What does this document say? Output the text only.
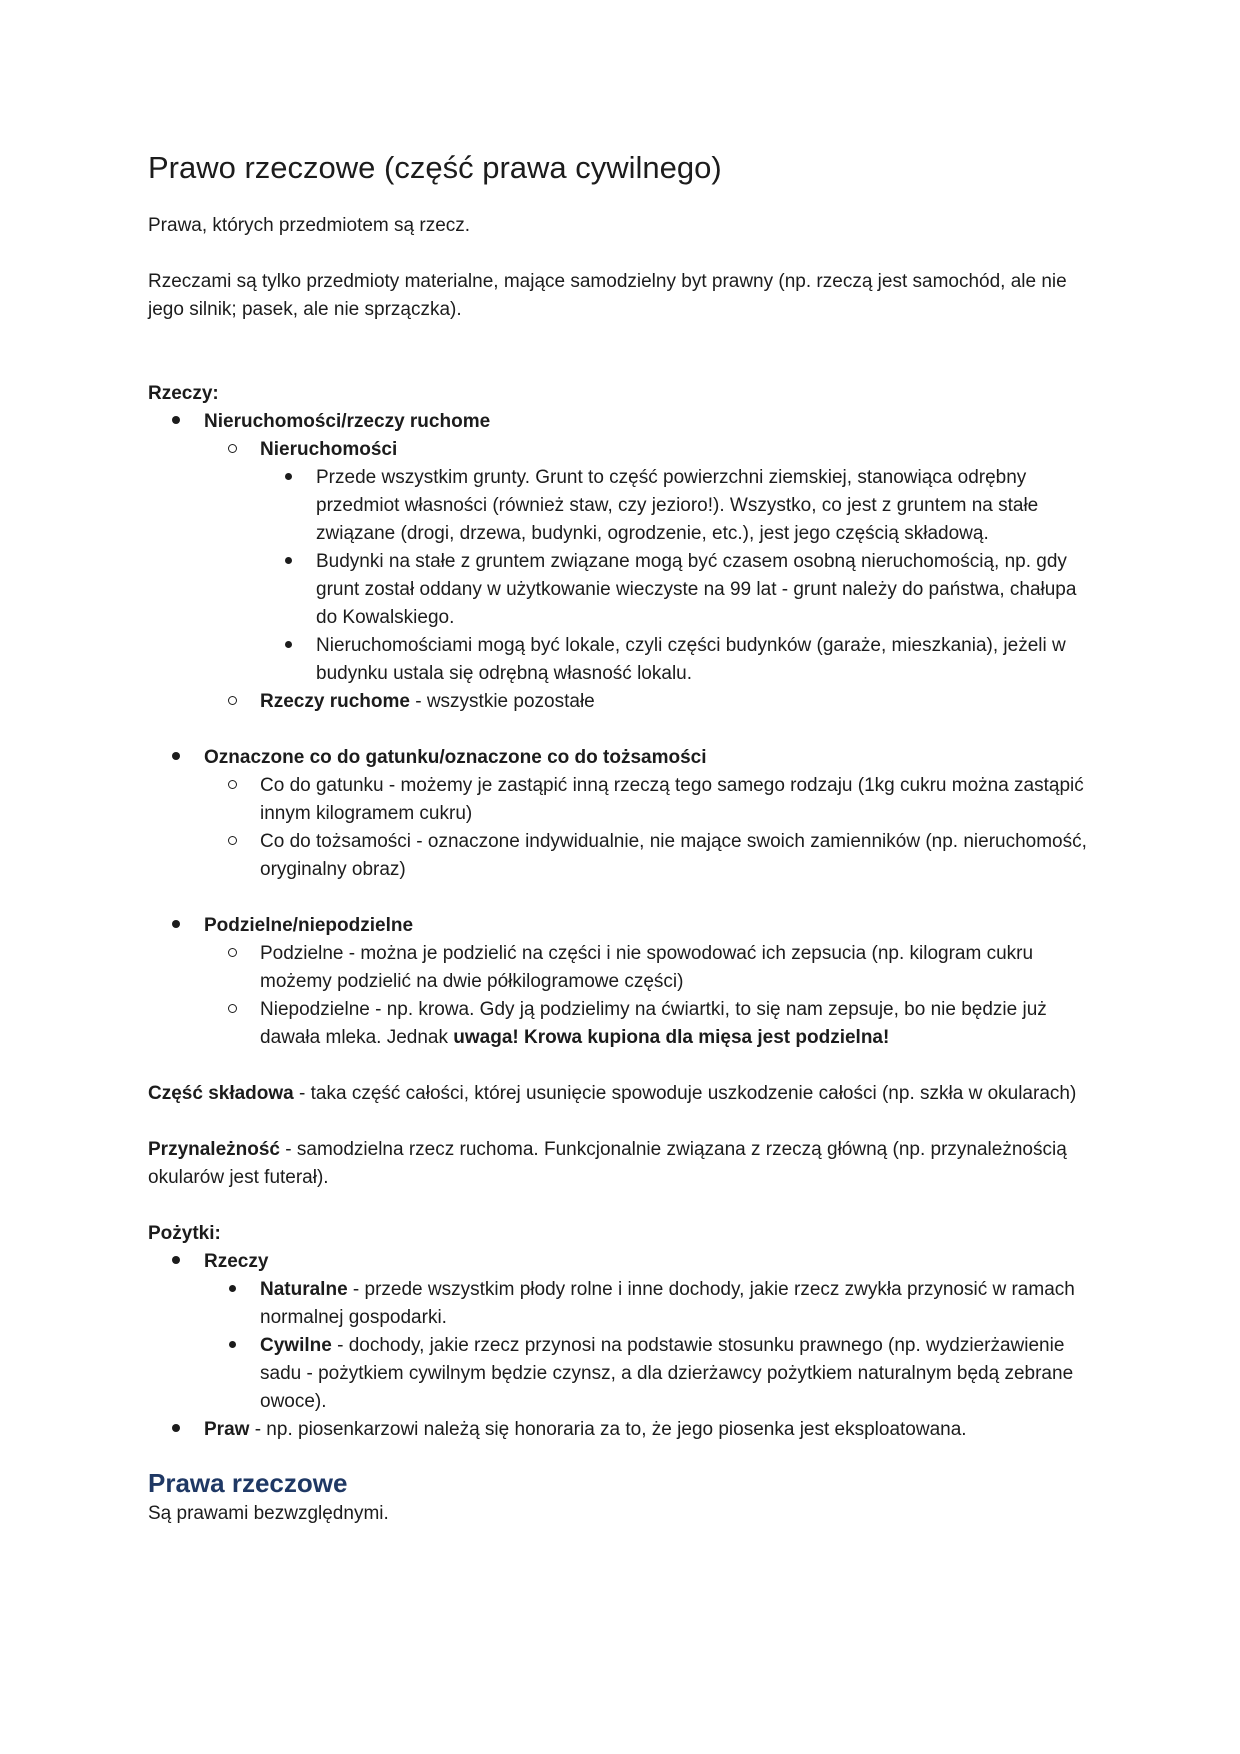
Prawo rzeczowe (część prawa cywilnego)

Prawa, których przedmiotem są rzecz.

Rzeczami są tylko przedmioty materialne, mające samodzielny byt prawny (np. rzeczą jest samochód, ale nie jego silnik; pasek, ale nie sprzączka).

Rzeczy:

Nieruchomości/rzeczy ruchome
Nieruchomości
Przede wszystkim grunty. Grunt to część powierzchni ziemskiej, stanowiąca odrębny przedmiot własności (również staw, czy jezioro!). Wszystko, co jest z gruntem na stałe związane (drogi, drzewa, budynki, ogrodzenie, etc.), jest jego częścią składową.
Budynki na stałe z gruntem związane mogą być czasem osobną nieruchomością, np. gdy grunt został oddany w użytkowanie wieczyste na 99 lat - grunt należy do państwa, chałupa do Kowalskiego.
Nieruchomościami mogą być lokale, czyli części budynków (garaże, mieszkania), jeżeli w budynku ustala się odrębną własność lokalu.
Rzeczy ruchome - wszystkie pozostałe
Oznaczone co do gatunku/oznaczone co do tożsamości
Co do gatunku - możemy je zastąpić inną rzeczą tego samego rodzaju (1kg cukru można zastąpić innym kilogramem cukru)
Co do tożsamości - oznaczone indywidualnie, nie mające swoich zamienników (np. nieruchomość, oryginalny obraz)
Podzielne/niepodzielne
Podzielne - można je podzielić na części i nie spowodować ich zepsucia (np. kilogram cukru możemy podzielić na dwie półkilogramowe części)
Niepodzielne - np. krowa. Gdy ją podzielimy na ćwiartki, to się nam zepsuje, bo nie będzie już dawała mleka. Jednak uwaga! Krowa kupiona dla mięsa jest podzielna!

Część składowa - taka część całości, której usunięcie spowoduje uszkodzenie całości (np. szkła w okularach)

Przynależność - samodzielna rzecz ruchoma. Funkcjonalnie związana z rzeczą główną (np. przynależnością okularów jest futerał).

Pożytki:

Rzeczy
Naturalne - przede wszystkim płody rolne i inne dochody, jakie rzecz zwykła przynosić w ramach normalnej gospodarki.
Cywilne - dochody, jakie rzecz przynosi na podstawie stosunku prawnego (np. wydzierżawienie sadu - pożytkiem cywilnym będzie czynsz, a dla dzierżawcy pożytkiem naturalnym będą zebrane owoce).
Praw - np. piosenkarzowi należą się honoraria za to, że jego piosenka jest eksploatowana.
Prawa rzeczowe

Są prawami bezwzględnymi.
